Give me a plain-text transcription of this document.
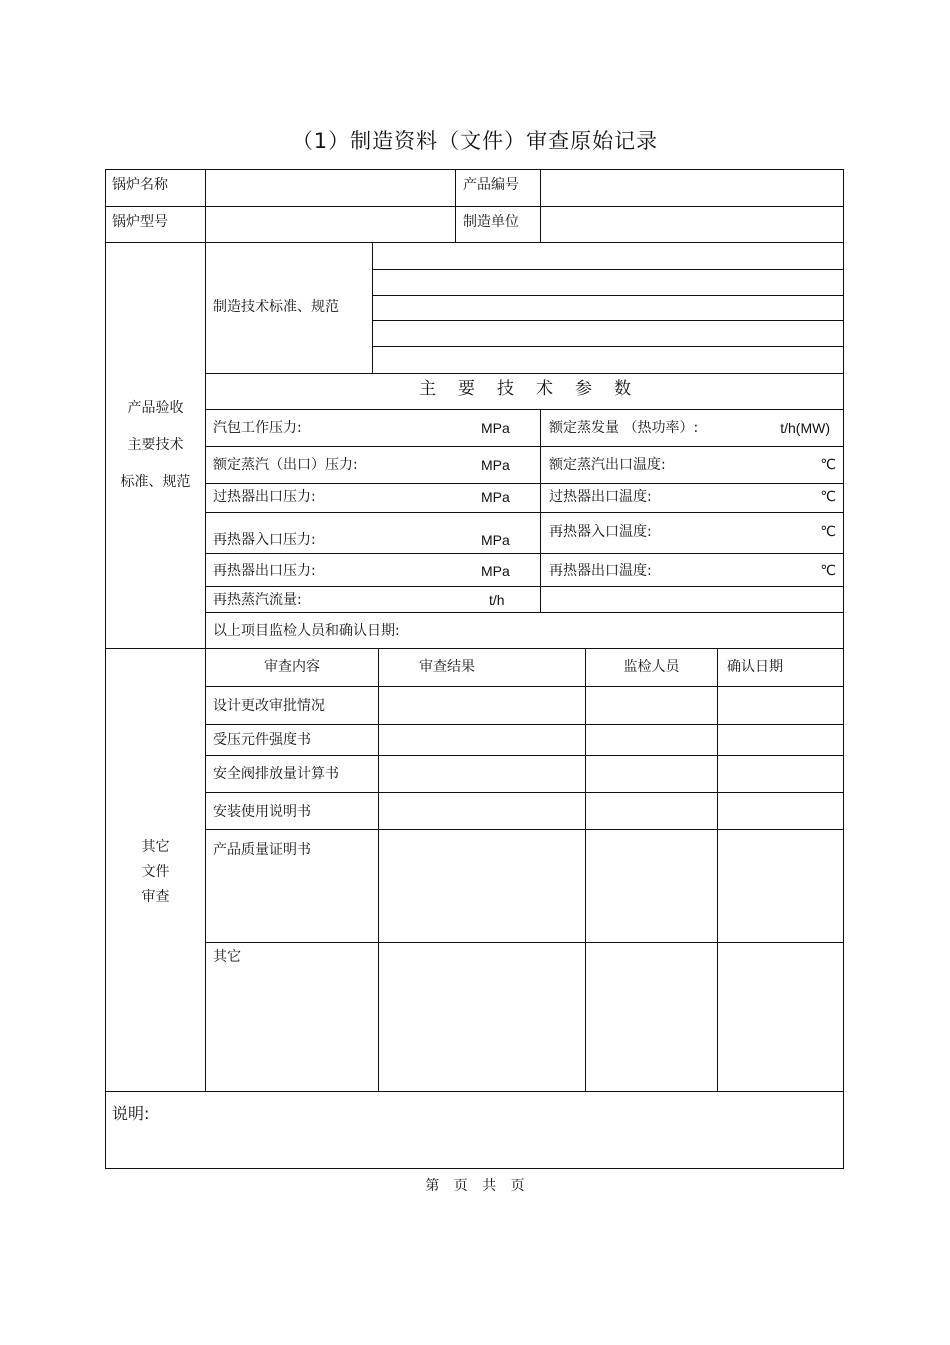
（1）制造资料（文件）审查原始记录
锅炉名称	产品编号
锅炉型号	制造单位
产品验收
主要技术
标准、规范
制造技术标准、规范
主要技术参数
汽包工作压力:	MPa	额定蒸发量 （热功率）:	t/h(MW)
额定蒸汽（出口）压力:	MPa	额定蒸汽出口温度:	℃
过热器出口压力:	MPa	过热器出口温度:	℃
再热器入口压力:	MPa	再热器入口温度:	℃
再热器出口压力:	MPa	再热器出口温度:	℃
再热蒸汽流量:	t/h
以上项目监检人员和确认日期:
其它
文件
审查
审查内容	审查结果	监检人员	确认日期
设计更改审批情况
受压元件强度书
安全阀排放量计算书
安装使用说明书
产品质量证明书
其它
说明:
第 页 共 页
